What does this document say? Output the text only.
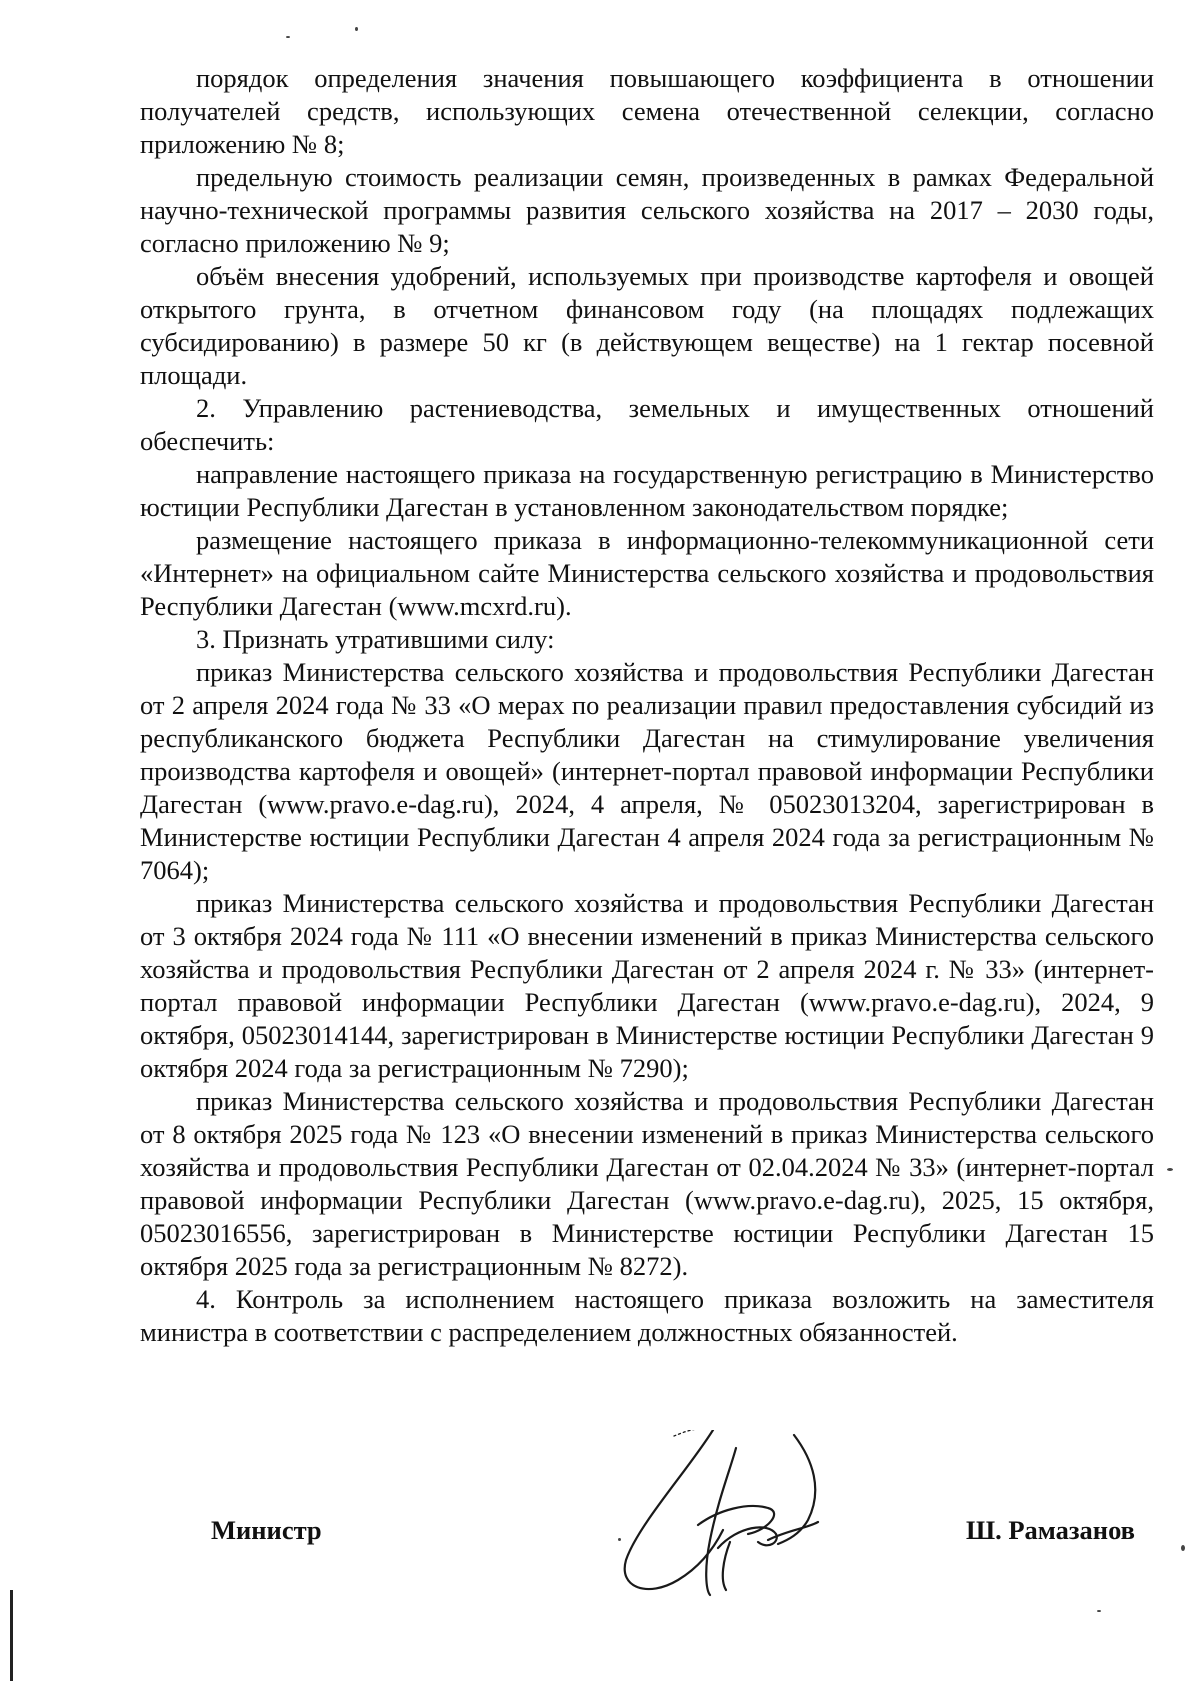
порядок определения значения повышающего коэффициента в отношении получателей средств, использующих семена отечественной селекции, согласно приложению № 8;

предельную стоимость реализации семян, произведенных в рамках Федеральной научно-технической программы развития сельского хозяйства на 2017 – 2030 годы, согласно приложению № 9;

объём внесения удобрений, используемых при производстве картофеля и овощей открытого грунта, в отчетном финансовом году (на площадях подлежащих субсидированию) в размере 50 кг (в действующем веществе) на 1 гектар посевной площади.

2. Управлению растениеводства, земельных и имущественных отношений обеспечить:

направление настоящего приказа на государственную регистрацию в Министерство юстиции Республики Дагестан в установленном законодательством порядке;

размещение настоящего приказа в информационно-телекоммуникационной сети «Интернет» на официальном сайте Министерства сельского хозяйства и продовольствия Республики Дагестан (www.mcxrd.ru).

3. Признать утратившими силу:

приказ Министерства сельского хозяйства и продовольствия Республики Дагестан от 2 апреля 2024 года № 33 «О мерах по реализации правил предоставления субсидий из республиканского бюджета Республики Дагестан на стимулирование увеличения производства картофеля и овощей» (интернет-портал правовой информации Республики Дагестан (www.pravo.e-dag.ru), 2024, 4 апреля, № 05023013204, зарегистрирован в Министерстве юстиции Республики Дагестан 4 апреля 2024 года за регистрационным № 7064);

приказ Министерства сельского хозяйства и продовольствия Республики Дагестан от 3 октября 2024 года № 111 «О внесении изменений в приказ Министерства сельского хозяйства и продовольствия Республики Дагестан от 2 апреля 2024 г. № 33» (интернет-портал правовой информации Республики Дагестан (www.pravo.e-dag.ru), 2024, 9 октября, 05023014144, зарегистрирован в Министерстве юстиции Республики Дагестан 9 октября 2024 года за регистрационным № 7290);

приказ Министерства сельского хозяйства и продовольствия Республики Дагестан от 8 октября 2025 года № 123 «О внесении изменений в приказ Министерства сельского хозяйства и продовольствия Республики Дагестан от 02.04.2024 № 33» (интернет-портал правовой информации Республики Дагестан (www.pravo.e-dag.ru), 2025, 15 октября, 05023016556, зарегистрирован в Министерстве юстиции Республики Дагестан 15 октября 2025 года за регистрационным № 8272).

4. Контроль за исполнением настоящего приказа возложить на заместителя министра в соответствии с распределением должностных обязанностей.

Министр	Ш. Рамазанов
